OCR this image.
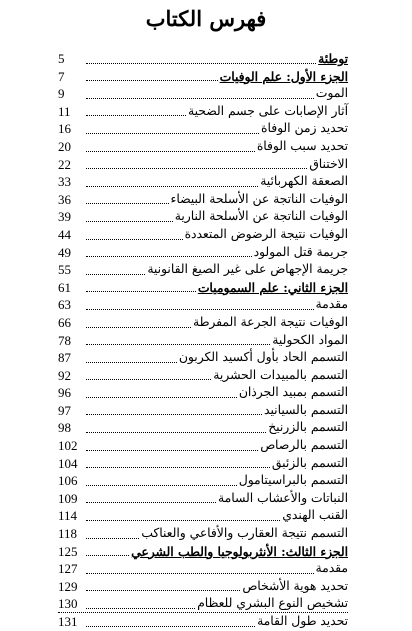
فهرس الكتاب
توطئة
5
الجزء الأول: علم الوفيات
7
الموت
9
آثار الإصابات على جسم الضحية
11
تحديد زمن الوفاة
16
تحديد سبب الوفاة
20
الاختناق
22
الصعقة الكهربائية
33
الوفيات الناتجة عن الأسلحة البيضاء
36
الوفيات الناتجة عن الأسلحة النارية
39
الوفيات نتيجة الرضوض المتعددة
44
جريمة قتل المولود
49
جريمة الإجهاض على غير الصيغ القانونية
55
الجزء الثاني: علم السموميات
61
مقدمة
63
الوفيات نتيجة الجرعة المفرطة
66
المواد الكحولية
78
التسمم الحاد بأول أكسيد الكربون
87
التسمم بالمبيدات الحشرية
92
التسمم بمبيد الجرذان
96
التسمم بالسيانيد
97
التسمم بالزرنيخ
98
التسمم بالرصاص
102
التسمم بالزئبق
104
التسمم بالبراسيتامول
106
النباتات والأعشاب السامة
109
القنب الهندي
114
التسمم نتيجة العقارب والأفاعي والعناكب
118
الجزء الثالث: الأنثربولوجيا والطب الشرعي
125
مقدمة
127
تحديد هوية الأشخاص
129
تشخيص النوع البشري للعظام
130
تحديد طول القامة
131
